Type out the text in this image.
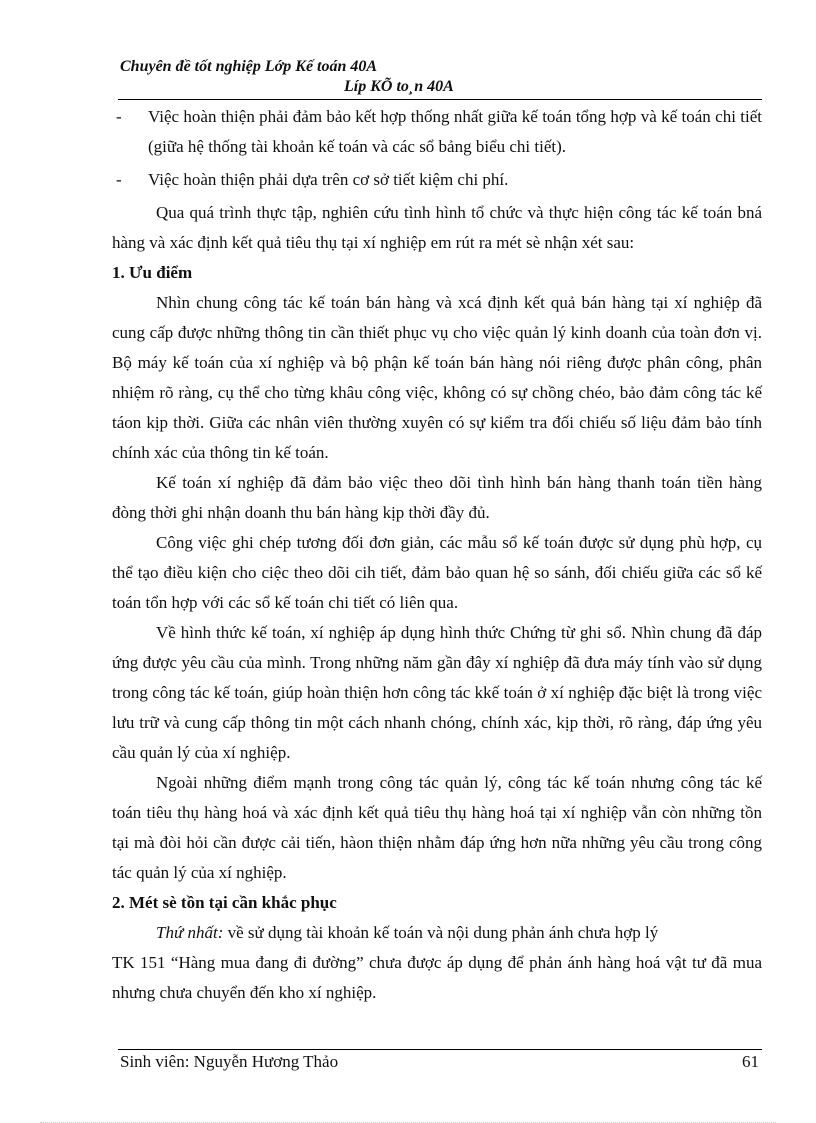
Chuyên đề tốt nghiệp Lớp Kế toán 40A
Líp KÕ to¸n 40A
-	Việc hoàn thiện phải đảm bảo kết hợp thống nhất giữa kế toán tổng hợp và kế toán chi tiết (giữa hệ thống tài khoản kế toán và các sổ bảng biểu chi tiết).
-	Việc hoàn thiện phải dựa trên cơ sở tiết kiệm chi phí.

Qua quá trình thực tập, nghiên cứu tình hình tổ chức và thực hiện công tác kế toán bná hàng và xác định kết quả tiêu thụ tại xí nghiệp em rút ra mét sè nhận xét sau:

1. Ưu điểm

Nhìn chung công tác kế toán bán hàng và xcá định kết quả bán hàng tại xí nghiệp đã cung cấp được những thông tin cần thiết phục vụ cho việc quản lý kinh doanh của toàn đơn vị. Bộ máy kế toán của xí nghiệp và bộ phận kế toán bán hàng nói riêng được phân công, phân nhiệm rõ ràng, cụ thể cho từng khâu công việc, không có sự chồng chéo, bảo đảm công tác kế táon kịp thời. Giữa các nhân viên thường xuyên có sự kiểm tra đối chiếu số liệu đảm bảo tính chính xác của thông tin kế toán.

Kế toán xí nghiệp đã đảm bảo việc theo dõi tình hình bán hàng thanh toán tiền hàng đòng thời ghi nhận doanh thu bán hàng kịp thời đầy đủ.

Công việc ghi chép tương đối đơn giản, các mẫu sổ kế toán được sử dụng phù hợp, cụ thể tạo điều kiện cho ciệc theo dõi cih tiết, đảm bảo quan hệ so sánh, đối chiếu giữa các sổ kế toán tổn hợp với các sổ kế toán chi tiết có liên qua.

Về hình thức kế toán, xí nghiệp áp dụng hình thức Chứng từ ghi sổ. Nhìn chung đã đáp ứng được yêu cầu của mình. Trong những năm gần đây xí nghiệp đã đưa máy tính vào sử dụng trong công tác kế toán, giúp hoàn thiện hơn công tác kkế toán ở xí nghiệp đặc biệt là trong việc lưu trữ và cung cấp thông tin một cách nhanh chóng, chính xác, kịp thời, rõ ràng, đáp ứng yêu cầu quản lý của xí nghiệp.

Ngoài những điểm mạnh trong công tác quản lý, công tác kế toán nhưng công tác kế toán tiêu thụ hàng hoá và xác định kết quả tiêu thụ hàng hoá tại xí nghiệp vẫn còn những tồn tại mà đòi hỏi cần được cải tiến, hàon thiện nhằm đáp ứng hơn nữa những yêu cầu trong công tác quản lý của xí nghiệp.

2. Mét sè tồn tại cần khắc phục

Thứ nhất: về sử dụng tài khoản kế toán và nội dung phản ánh chưa hợp lý

TK 151 “Hàng mua đang đi đường” chưa được áp dụng để phản ánh hàng hoá vật tư đã mua nhưng chưa chuyển đến kho xí nghiệp.

Sinh viên: Nguyễn Hương Thảo	61
